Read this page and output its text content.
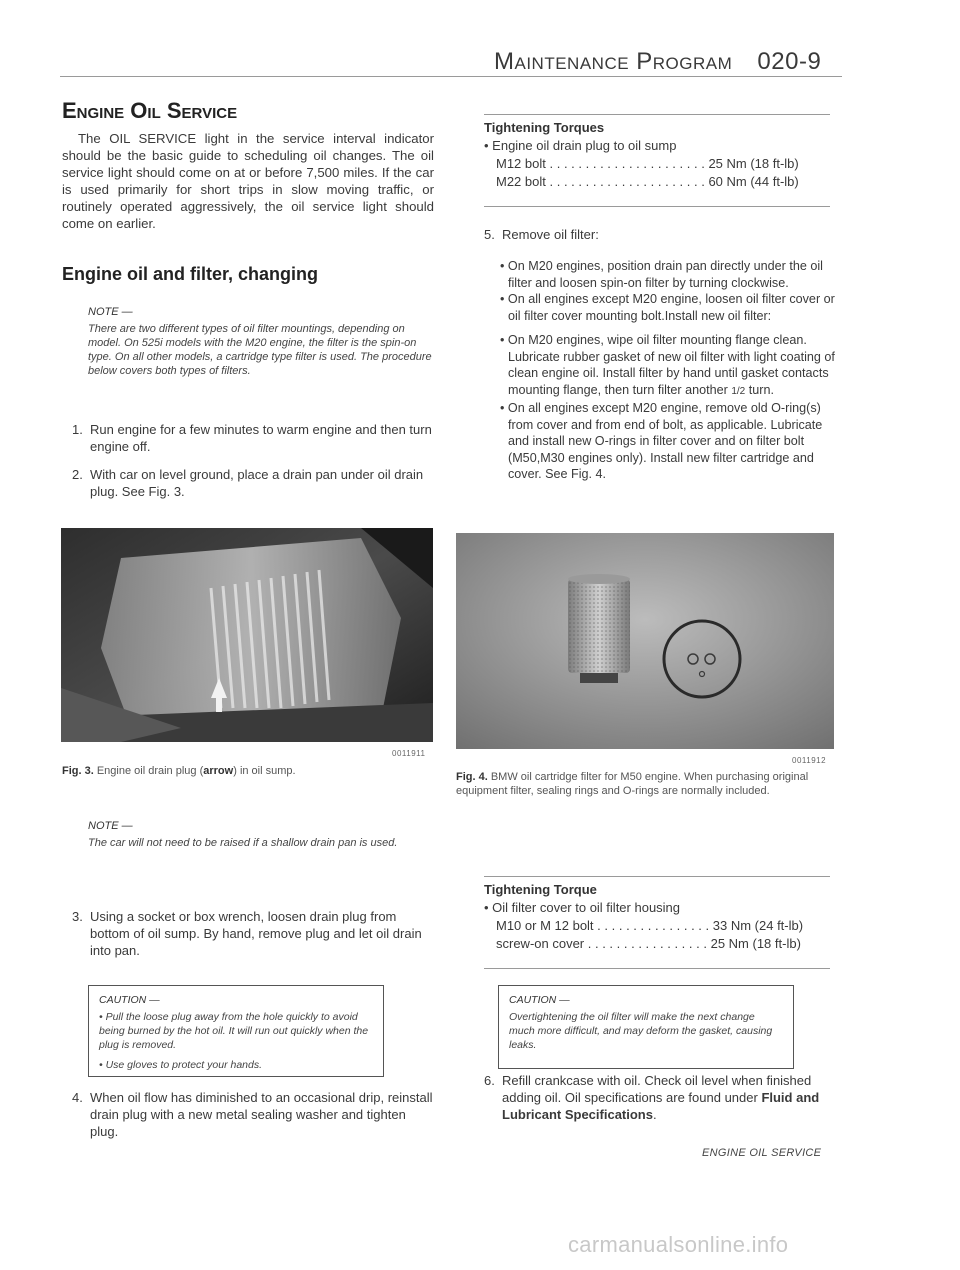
Maintenance Program 020-9
Engine Oil Service
The OIL SERVICE light in the service interval indicator should be the basic guide to scheduling oil changes. The oil service light should come on at or before 7,500 miles. If the car is used primarily for short trips in slow moving traffic, or routinely operated aggressively, the oil service light should come on earlier.
Engine oil and filter, changing
NOTE —
There are two different types of oil filter mountings, depending on model. On 525i models with the M20 engine, the filter is the spin-on type. On all other models, a cartridge type filter is used. The procedure below covers both types of filters.
1. Run engine for a few minutes to warm engine and then turn engine off.
2. With car on level ground, place a drain pan under oil drain plug. See Fig. 3.
0011911
Fig. 3. Engine oil drain plug (arrow) in oil sump.
NOTE —
The car will not need to be raised if a shallow drain pan is used.
3. Using a socket or box wrench, loosen drain plug from bottom of oil sump. By hand, remove plug and let oil drain into pan.
CAUTION —

• Pull the loose plug away from the hole quickly to avoid being burned by the hot oil. It will run out quickly when the plug is removed.

• Use gloves to protect your hands.

4. When oil flow has diminished to an occasional drip, reinstall drain plug with a new metal sealing washer and tighten plug.
Tightening Torques
• Engine oil drain plug to oil sump
M12 bolt . . . . . . . . . . . . . . . . . . . . . . 25 Nm (18 ft-lb)
M22 bolt . . . . . . . . . . . . . . . . . . . . . . 60 Nm (44 ft-lb)
5. Remove oil filter:
• On M20 engines, position drain pan directly under the oil filter and loosen spin-on filter by turning clockwise.
• On all engines except M20 engine, loosen oil filter cover or oil filter cover mounting bolt.Install new oil filter:
• On M20 engines, wipe oil filter mounting flange clean. Lubricate rubber gasket of new oil filter with light coating of clean engine oil. Install filter by hand until gasket contacts mounting flange, then turn filter another 1/2 turn.
• On all engines except M20 engine, remove old O-ring(s) from cover and from end of bolt, as applicable. Lubricate and install new O-rings in filter cover and on filter bolt (M50,M30 engines only). Install new filter cartridge and cover. See Fig. 4.
0011912
Fig. 4. BMW oil cartridge filter for M50 engine. When purchasing original equipment filter, sealing rings and O-rings are normally included.
Tightening Torque
• Oil filter cover to oil filter housing
M10 or M 12 bolt . . . . . . . . . . . . . . . . 33 Nm (24 ft-lb)
screw-on cover . . . . . . . . . . . . . . . . . 25 Nm (18 ft-lb)
CAUTION —

Overtightening the oil filter will make the next change much more difficult, and may deform the gasket, causing leaks.

6. Refill crankcase with oil. Check oil level when finished adding oil. Oil specifications are found under Fluid and Lubricant Specifications.
ENGINE OIL SERVICE
carmanualsonline.info
